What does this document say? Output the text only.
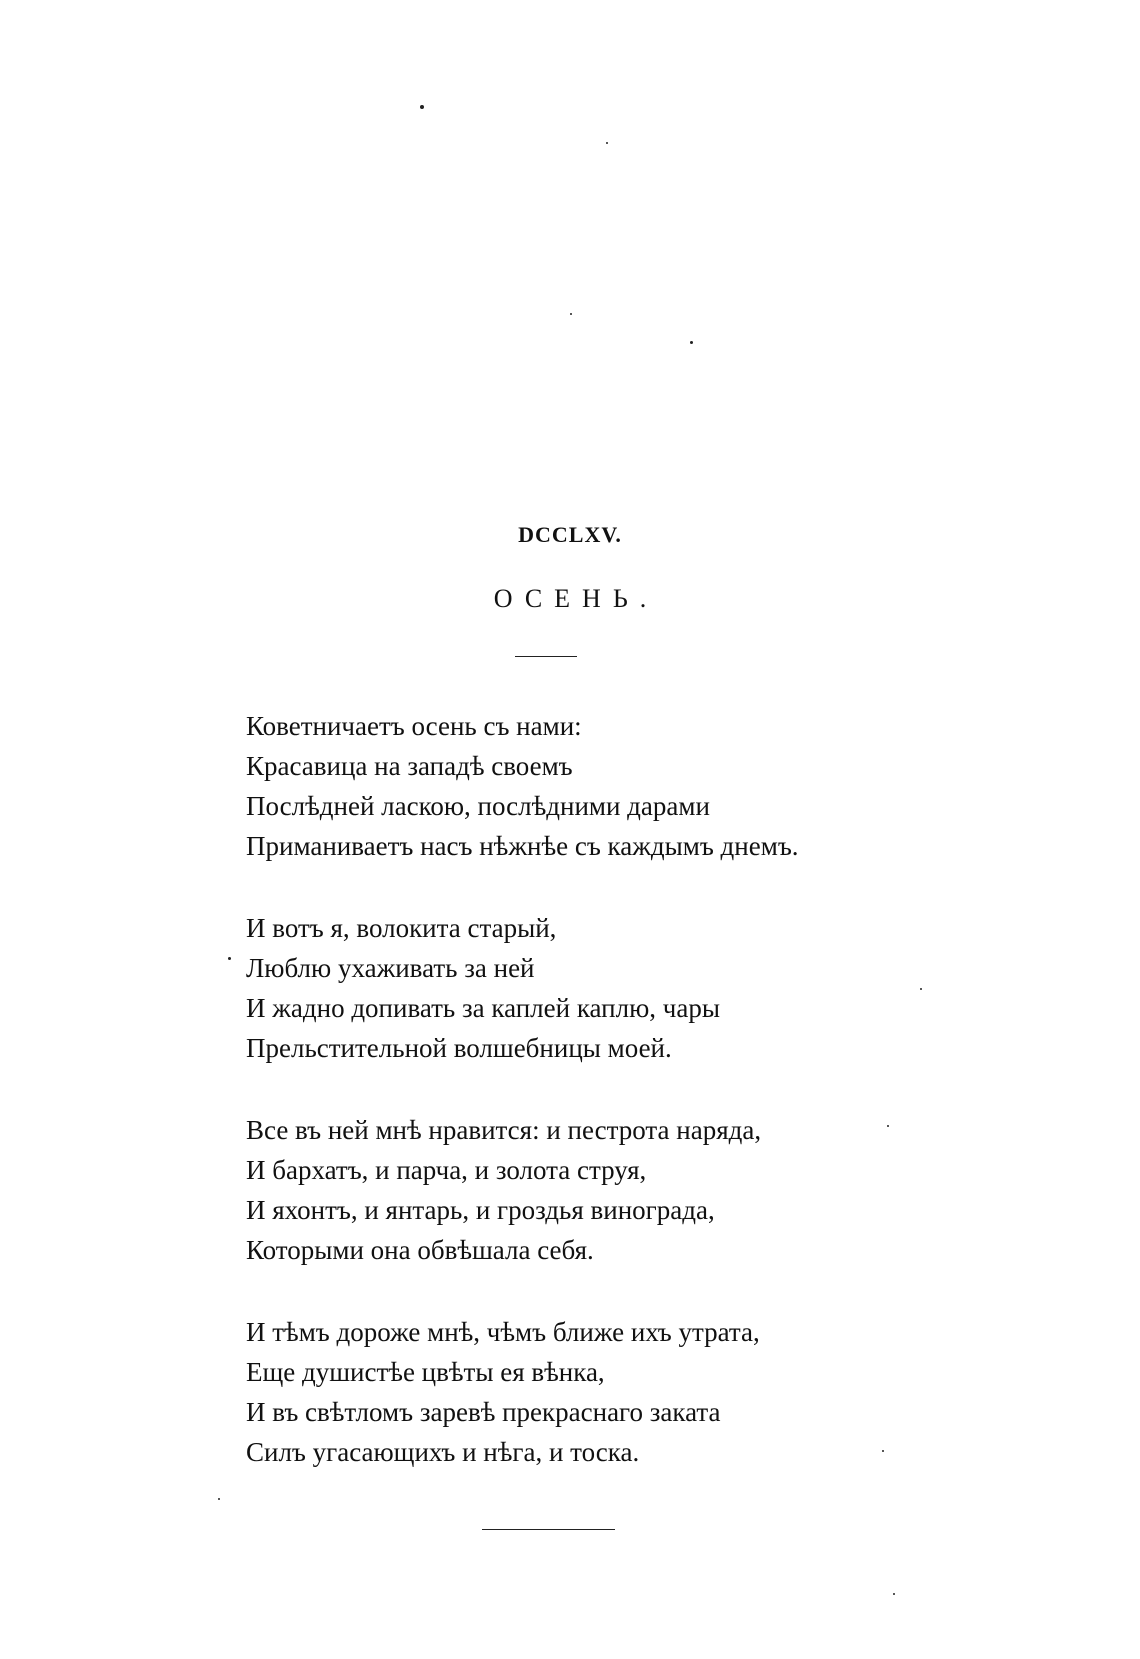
DCCLXV.
ОСЕНЬ.
Коветничаетъ осень съ нами:
Красавица на западѣ своемъ
Послѣдней ласкою, послѣдними дарами
Приманиваетъ насъ нѣжнѣе съ каждымъ днемъ.
И вотъ я, волокита старый,
Люблю ухаживать за ней
И жадно допивать за каплей каплю, чары
Прельстительной волшебницы моей.
Все въ ней мнѣ нравится: и пестрота наряда,
И бархатъ, и парча, и золота струя,
И яхонтъ, и янтарь, и гроздья винограда,
Которыми она обвѣшала себя.
И тѣмъ дороже мнѣ, чѣмъ ближе ихъ утрата,
Еще душистѣе цвѣты ея вѣнка,
И въ свѣтломъ заревѣ прекраснаго заката
Силъ угасающихъ и нѣга, и тоска.
